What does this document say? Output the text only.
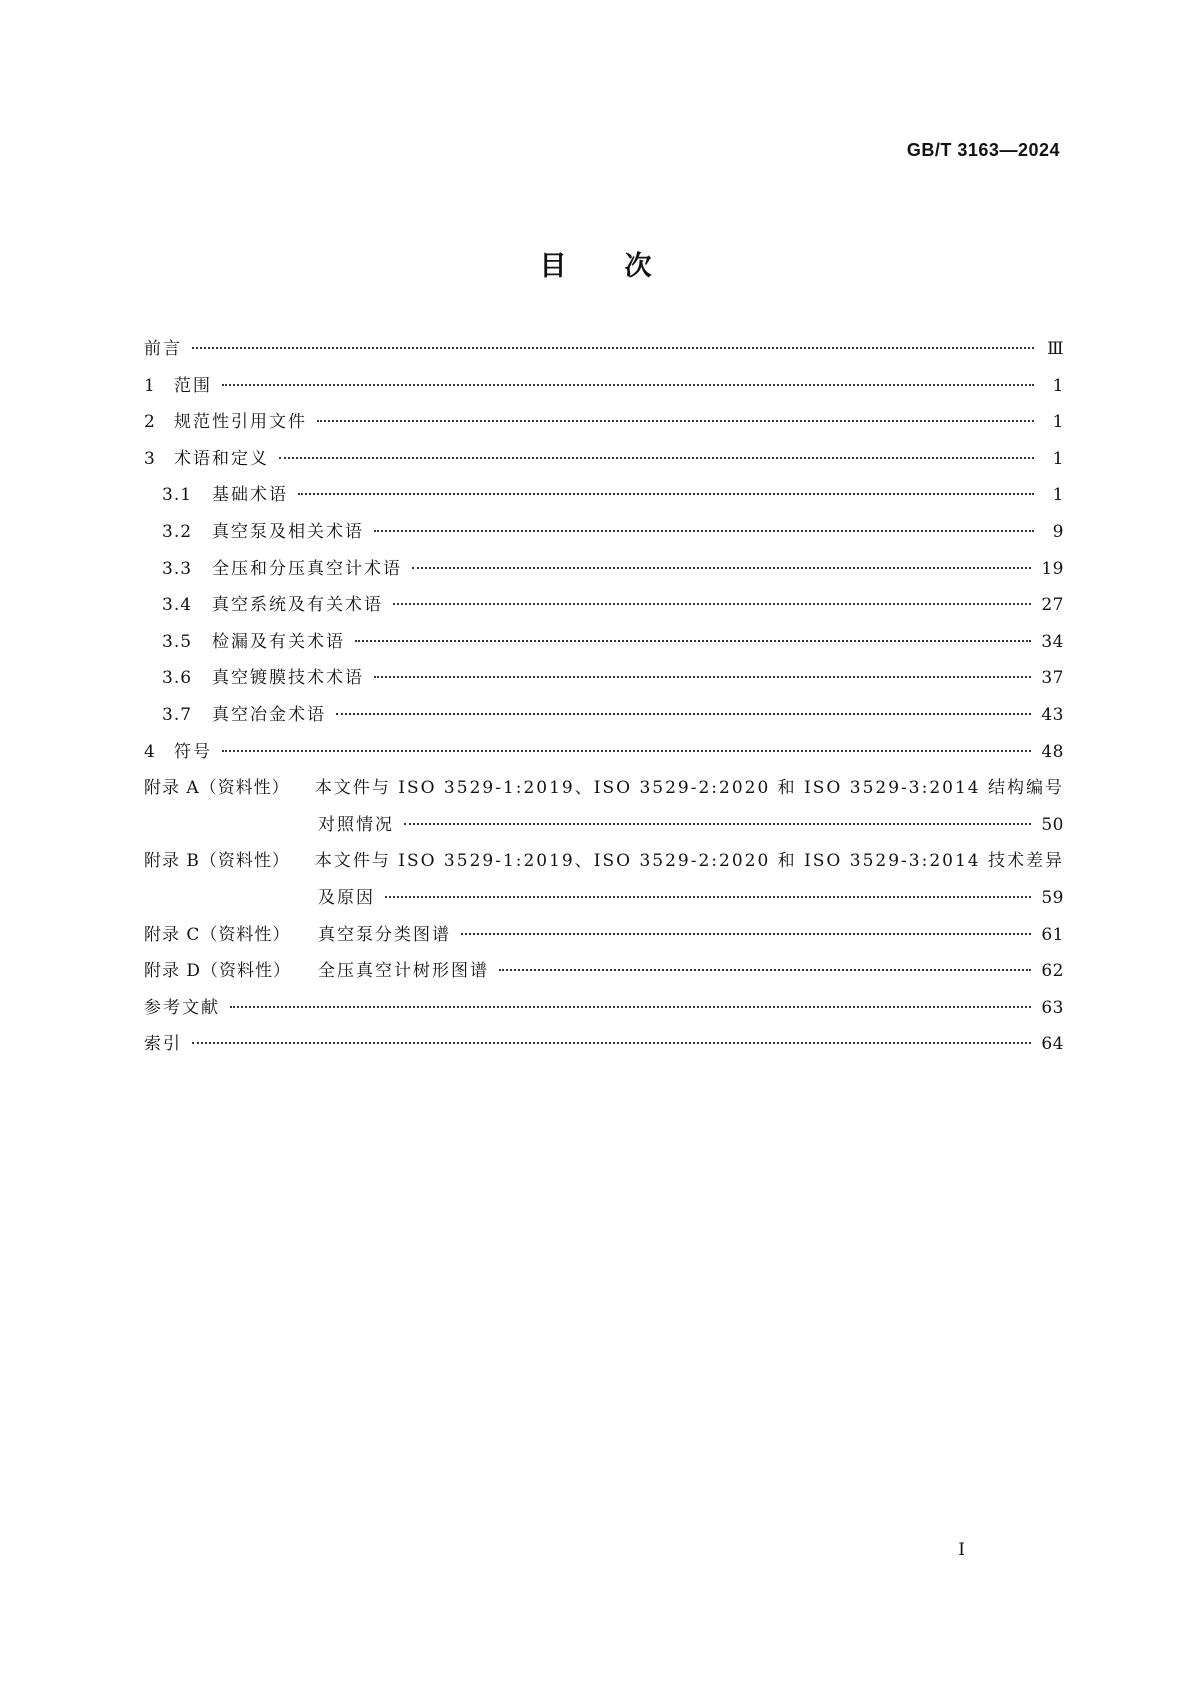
GB/T 3163—2024
目次
前言	Ⅲ
1	范围	1
2	规范性引用文件	1
3	术语和定义	1
3.1	基础术语	1
3.2	真空泵及相关术语	9
3.3	全压和分压真空计术语	19
3.4	真空系统及有关术语	27
3.5	检漏及有关术语	34
3.6	真空镀膜技术术语	37
3.7	真空冶金术语	43
4	符号	48
附录 A（资料性）	本文件与 ISO 3529-1:2019、ISO 3529-2:2020 和 ISO 3529-3:2014 结构编号
对照情况	50
附录 B（资料性）	本文件与 ISO 3529-1:2019、ISO 3529-2:2020 和 ISO 3529-3:2014 技术差异
及原因	59
附录 C（资料性）	真空泵分类图谱	61
附录 D（资料性）	全压真空计树形图谱	62
参考文献	63
索引	64
Ⅰ
